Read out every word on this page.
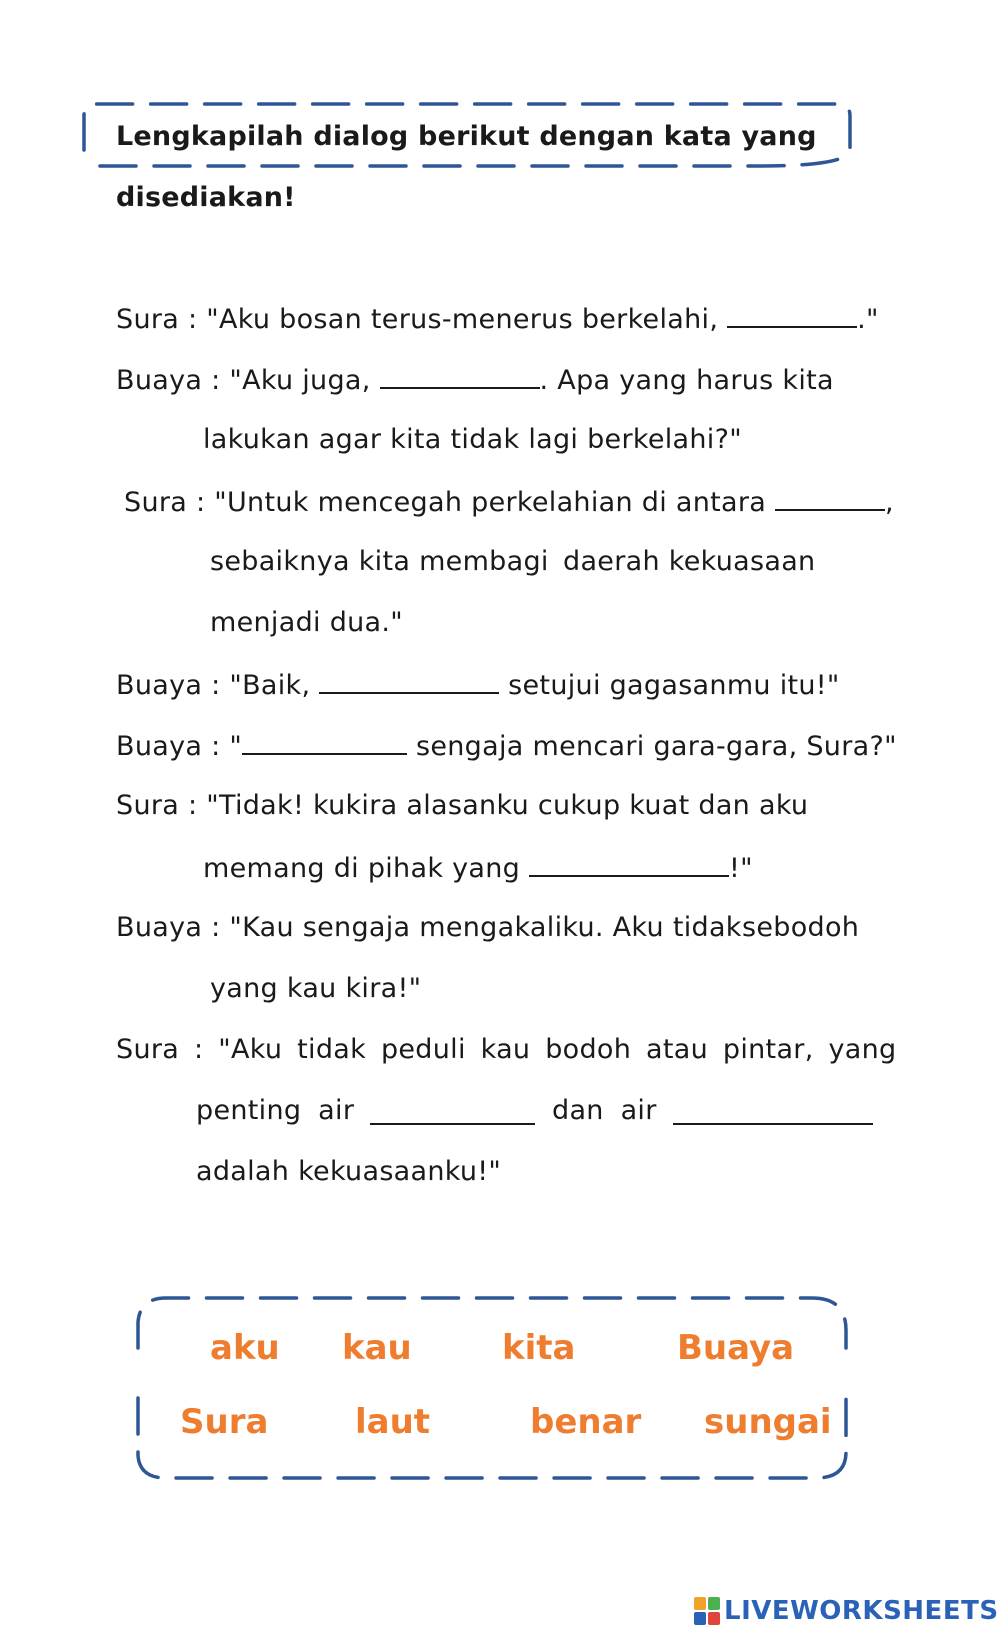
Lengkapilah dialog berikut dengan kata yang
disediakan!
Sura : "Aku bosan terus-menerus berkelahi,	."
Buaya : "Aku juga,	. Apa yang harus kita
lakukan agar kita tidak lagi berkelahi?"
Sura : "Untuk mencegah perkelahian di antara	,
sebaiknya kita membagi daerah kekuasaan
menjadi dua."
Buaya : "Baik,	setujui gagasanmu itu!"
Buaya : "	sengaja mencari gara-gara, Sura?"
Sura : "Tidak! kukira alasanku cukup kuat dan aku
memang di pihak yang	!"
Buaya : "Kau sengaja mengakaliku. Aku tidak sebodoh
yang kau kira!"
Sura : "Aku tidak peduli kau bodoh atau pintar, yang
penting air	dan air
adalah kekuasaanku!"
aku kau	kita	Buaya
Sura	laut	benar sungai
LIVEWORKSHEETS
